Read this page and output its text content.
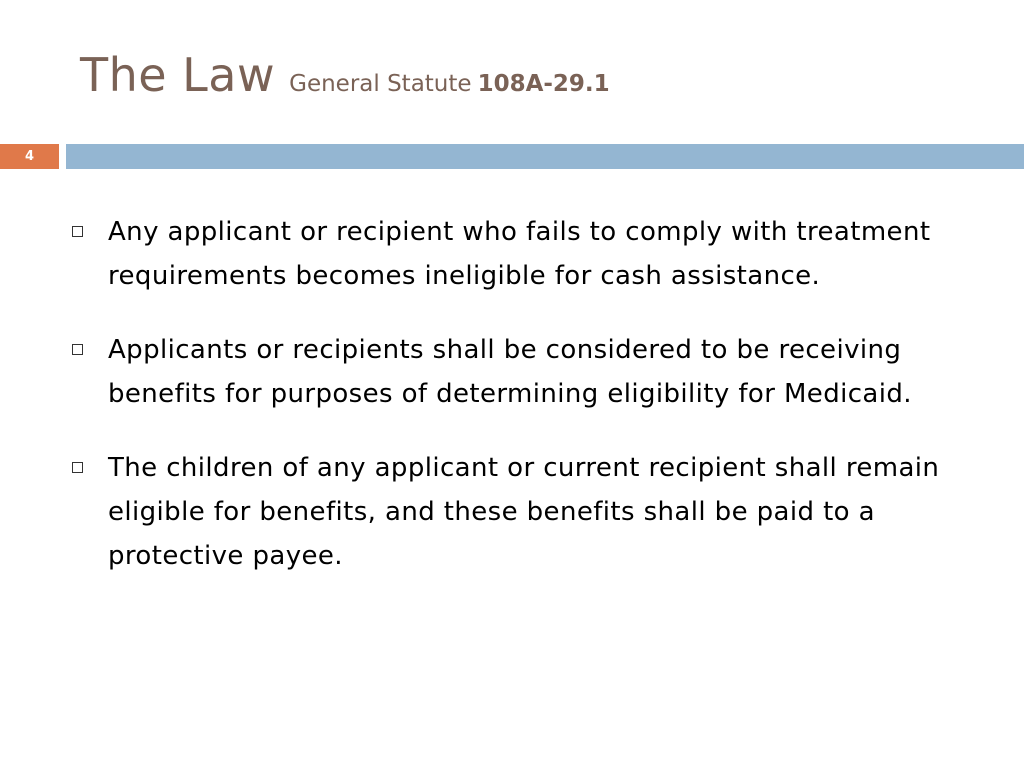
The Law General Statute 108A-29.1
4
Any applicant or recipient who fails to comply with treatment requirements becomes ineligible for cash assistance.
Applicants or recipients shall be considered to be receiving benefits for purposes of determining eligibility for Medicaid.
The children of any applicant or current recipient shall remain eligible for benefits, and these benefits shall be paid to a protective payee.
